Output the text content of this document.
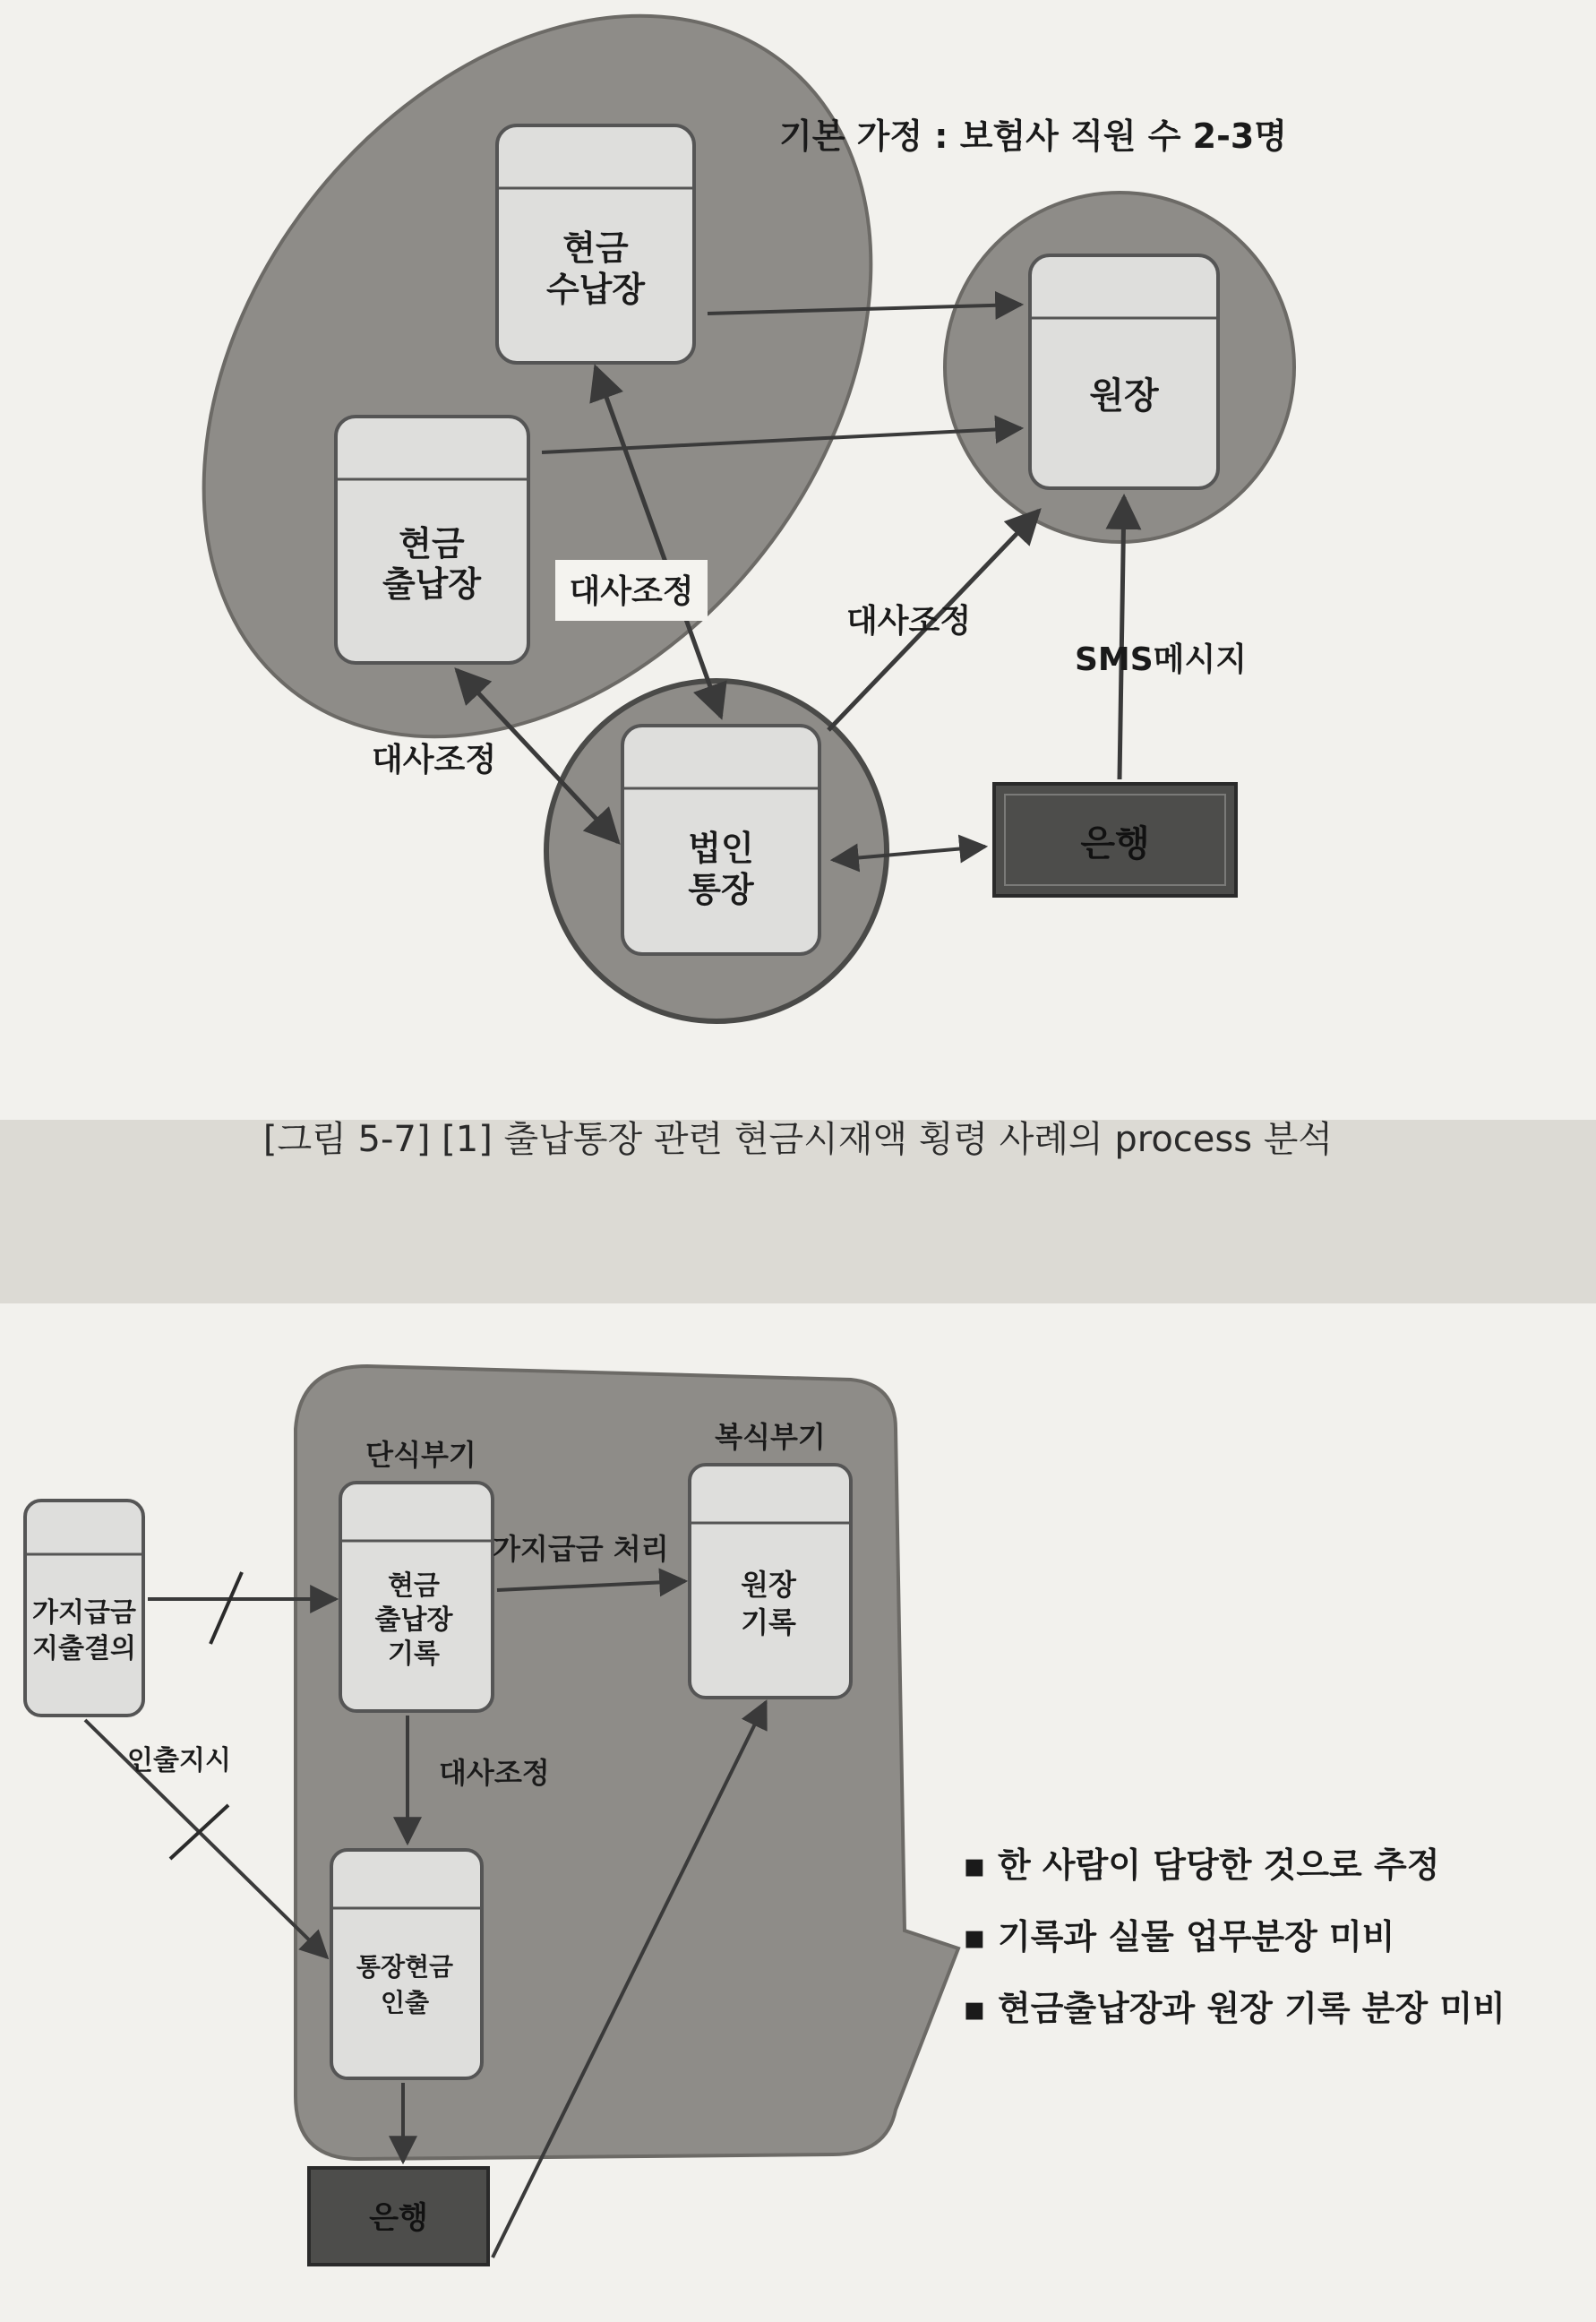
기본 가정 : 보험사 직원 수 2-3명
현금
수납장
현금
출납장
원장
법인
통장
은행
대사조정
대사조정
대사조정
SMS메시지
[그림 5-7] [1] 출납통장 관련 현금시재액 횡령 사례의 process 분석
단식부기
복식부기
가지급금
지출결의
현금
출납장
기록
원장
기록
통장현금
인출
은행
가지급금 처리
인출지시	대사조정
▪ 한 사람이 담당한 것으로 추정
▪ 기록과 실물 업무분장 미비
▪ 현금출납장과 원장 기록 분장 미비
